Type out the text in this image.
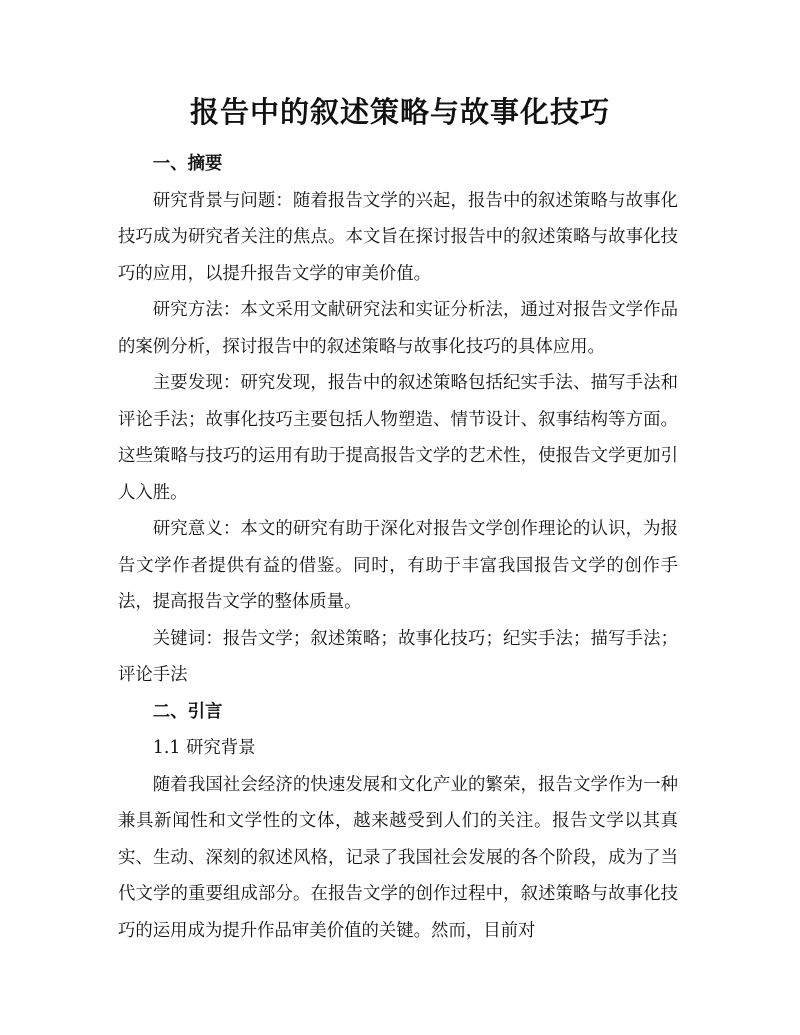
报告中的叙述策略与故事化技巧
一、摘要

研究背景与问题：随着报告文学的兴起，报告中的叙述策略与故事化技巧成为研究者关注的焦点。本文旨在探讨报告中的叙述策略与故事化技巧的应用，以提升报告文学的审美价值。

研究方法：本文采用文献研究法和实证分析法，通过对报告文学作品的案例分析，探讨报告中的叙述策略与故事化技巧的具体应用。

主要发现：研究发现，报告中的叙述策略包括纪实手法、描写手法和评论手法；故事化技巧主要包括人物塑造、情节设计、叙事结构等方面。这些策略与技巧的运用有助于提高报告文学的艺术性，使报告文学更加引人入胜。

研究意义：本文的研究有助于深化对报告文学创作理论的认识，为报告文学作者提供有益的借鉴。同时，有助于丰富我国报告文学的创作手法，提高报告文学的整体质量。

关键词：报告文学；叙述策略；故事化技巧；纪实手法；描写手法；评论手法

二、引言

1.1 研究背景

随着我国社会经济的快速发展和文化产业的繁荣，报告文学作为一种兼具新闻性和文学性的文体，越来越受到人们的关注。报告文学以其真实、生动、深刻的叙述风格，记录了我国社会发展的各个阶段，成为了当代文学的重要组成部分。在报告文学的创作过程中，叙述策略与故事化技巧的运用成为提升作品审美价值的关键。然而，目前对
